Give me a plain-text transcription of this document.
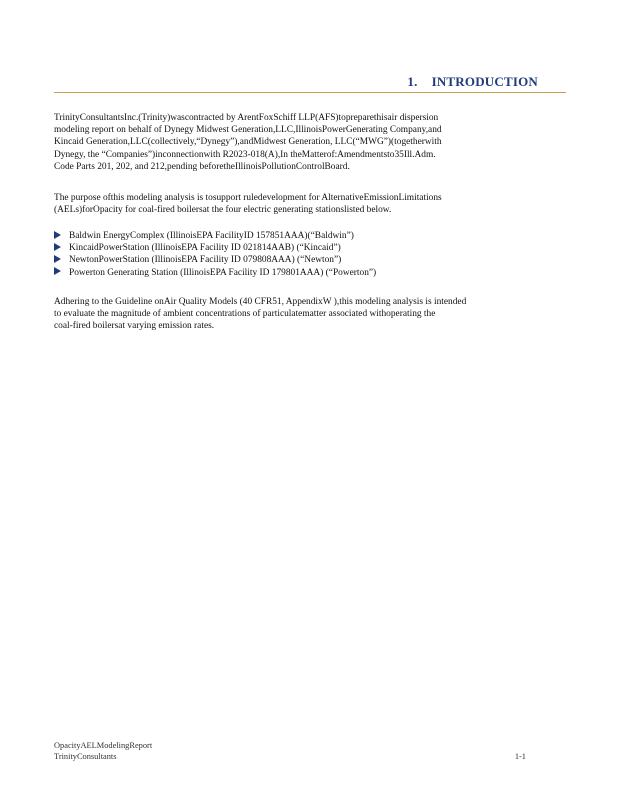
1. INTRODUCTION

TrinityConsultantsInc.(Trinity)wascontracted by ArentFoxSchiff LLP(AFS)topreparethisair dispersion

modeling report on behalf of Dynegy Midwest Generation,LLC,IllinoisPowerGenerating Company,and

Kincaid Generation,LLC(collectively,“Dynegy”),andMidwest Generation, LLC(“MWG”)(togetherwith

Dynegy, the “Companies”)inconnectionwith R2023-018(A),In theMatterof:Amendmentsto35Ill.Adm.

Code Parts 201, 202, and 212,pending beforetheIllinoisPollutionControlBoard.

The purpose ofthis modeling analysis is tosupport ruledevelopment for AlternativeEmissionLimitations

(AELs)forOpacity for coal-fired boilersat the four electric generating stationslisted below.

Baldwin EnergyComplex (IllinoisEPA FacilityID 157851AAA)(“Baldwin”)
KincaidPowerStation (IllinoisEPA Facility ID 021814AAB) (“Kincaid”)
NewtonPowerStation (IllinoisEPA Facility ID 079808AAA) (“Newton”)
Powerton Generating Station (IllinoisEPA Facility ID 179801AAA) (“Powerton”)

Adhering to the Guideline onAir Quality Models (40 CFR51, AppendixW ),this modeling analysis is intended

to evaluate the magnitude of ambient concentrations of particulatematter associated withoperating the

coal-fired boilersat varying emission rates.

OpacityAELModelingReport
TrinityConsultants	1-1
